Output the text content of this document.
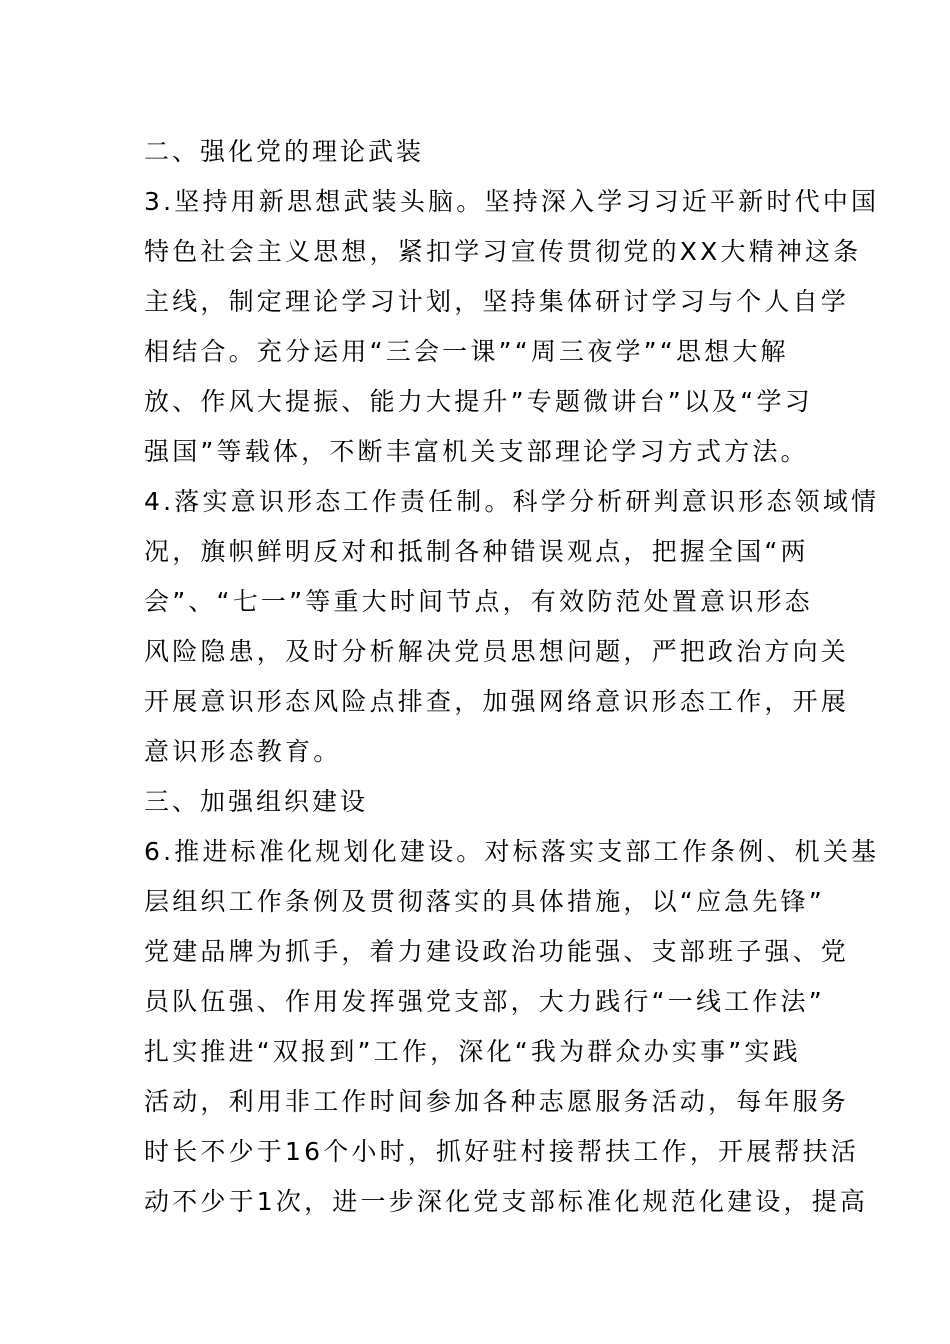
二、强化党的理论武装
3.坚持用新思想武装头脑。坚持深入学习习近平新时代中国
特色社会主义思想，紧扣学习宣传贯彻党的XX大精神这条
主线，制定理论学习计划，坚持集体研讨学习与个人自学
相结合。充分运用“三会一课”“周三夜学”“思想大解
放、作风大提振、能力大提升”专题微讲台”以及“学习
强国”等载体，不断丰富机关支部理论学习方式方法。
4.落实意识形态工作责任制。科学分析研判意识形态领域情
况，旗帜鲜明反对和抵制各种错误观点，把握全国“两
会”、“七一”等重大时间节点，有效防范处置意识形态
风险隐患，及时分析解决党员思想问题，严把政治方向关
开展意识形态风险点排查，加强网络意识形态工作，开展
意识形态教育。
三、加强组织建设
6.推进标准化规划化建设。对标落实支部工作条例、机关基
层组织工作条例及贯彻落实的具体措施，以“应急先锋”
党建品牌为抓手，着力建设政治功能强、支部班子强、党
员队伍强、作用发挥强党支部，大力践行“一线工作法”
扎实推进“双报到”工作，深化“我为群众办实事”实践
活动，利用非工作时间参加各种志愿服务活动，每年服务
时长不少于16个小时，抓好驻村接帮扶工作，开展帮扶活
动不少于1次，进一步深化党支部标准化规范化建设，提高
